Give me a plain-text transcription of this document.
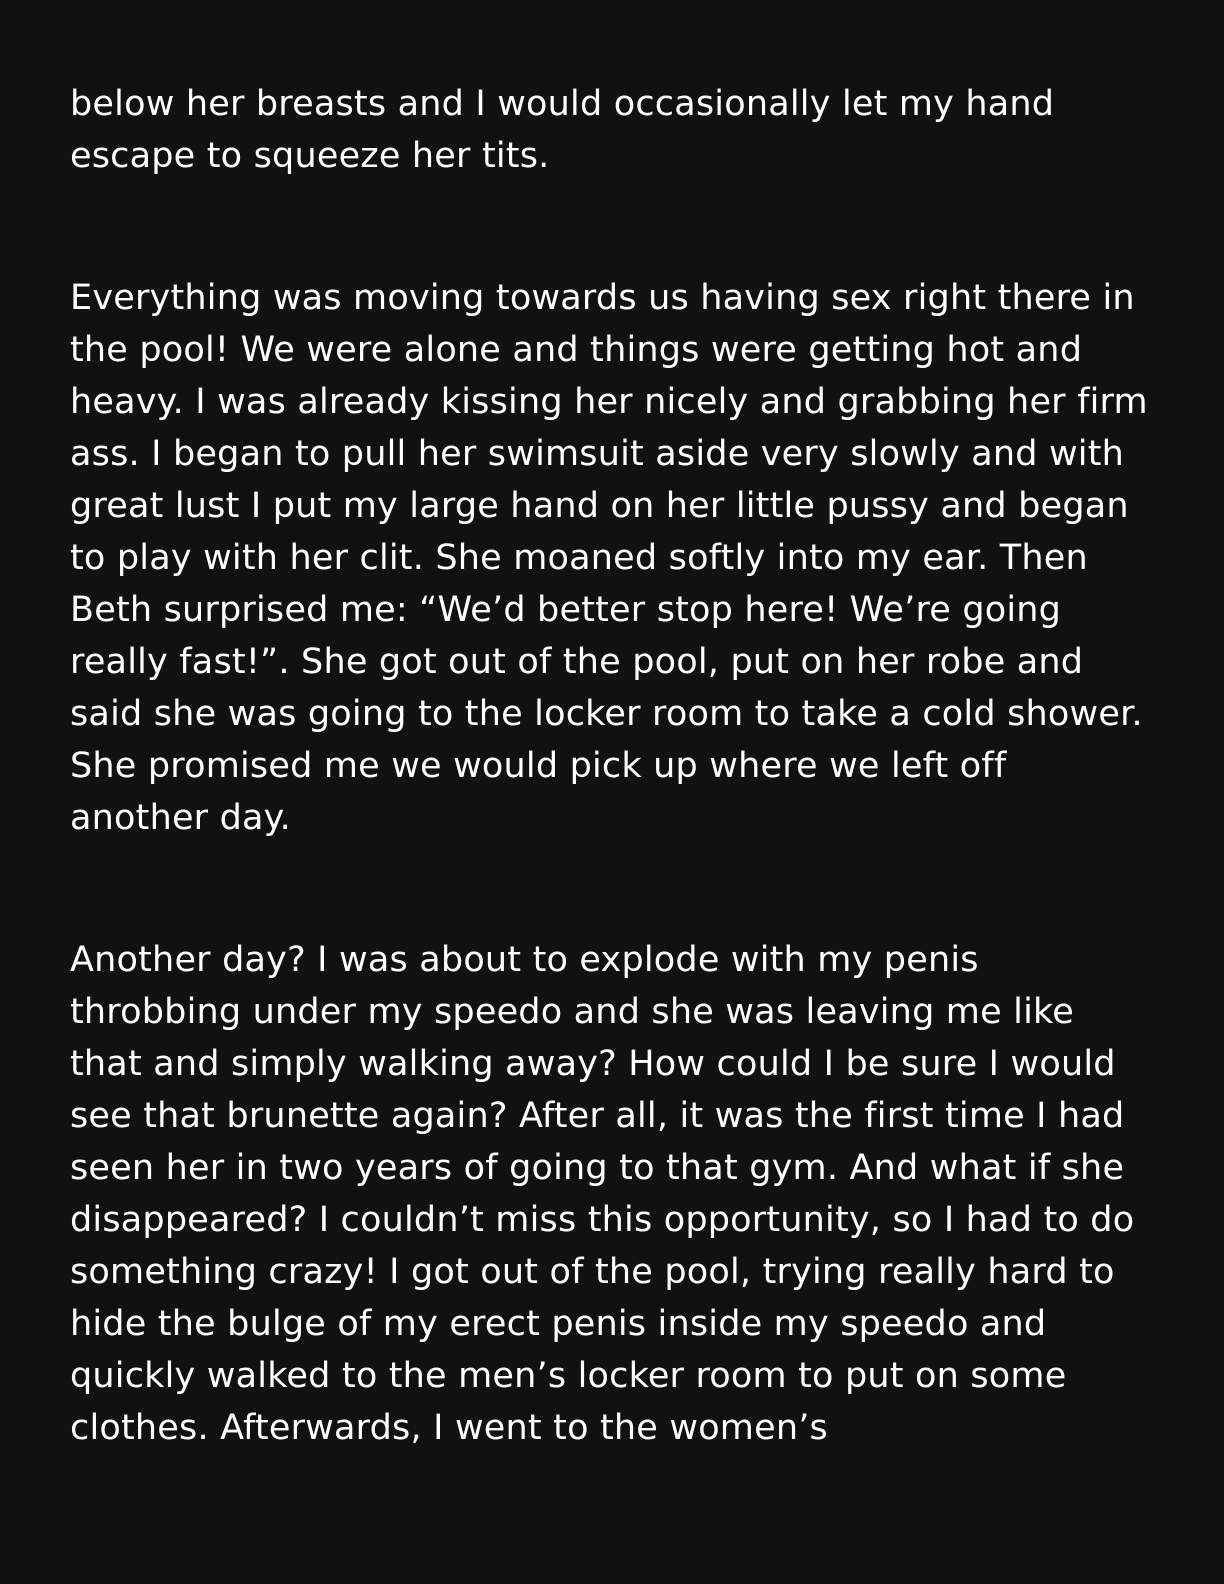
below her breasts and I would occasionally let my hand escape to squeeze her tits.

Everything was moving towards us having sex right there in the pool! We were alone and things were getting hot and heavy. I was already kissing her nicely and grabbing her firm ass. I began to pull her swimsuit aside very slowly and with great lust I put my large hand on her little pussy and began to play with her clit. She moaned softly into my ear. Then Beth surprised me: “We’d better stop here! We’re going really fast!”. She got out of the pool, put on her robe and said she was going to the locker room to take a cold shower. She promised me we would pick up where we left off another day.

Another day? I was about to explode with my penis throbbing under my speedo and she was leaving me like that and simply walking away? How could I be sure I would see that brunette again? After all, it was the first time I had seen her in two years of going to that gym. And what if she disappeared? I couldn’t miss this opportunity, so I had to do something crazy! I got out of the pool, trying really hard to hide the bulge of my erect penis inside my speedo and quickly walked to the men’s locker room to put on some clothes. Afterwards, I went to the women’s
